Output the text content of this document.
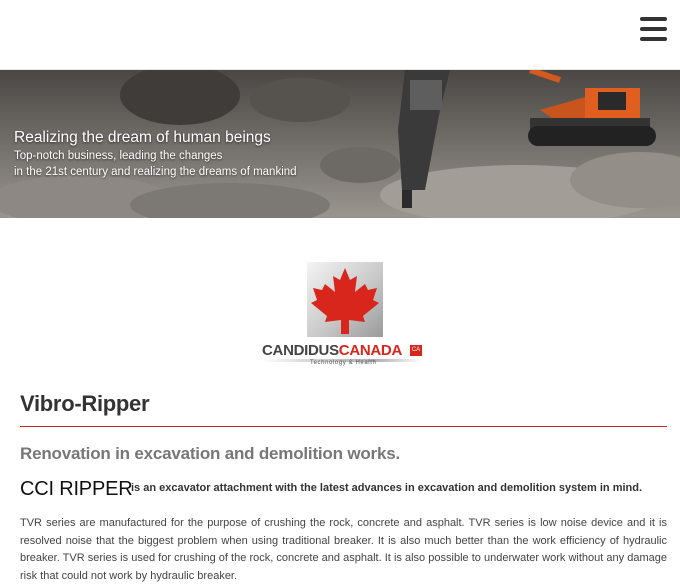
Realizing the dream of human beings
Top-notch business, leading the changes
in the 21st century and realizing the dreams of mankind
CANDIDUSCANADA	CA
Technology & Health
Vibro-Ripper
Renovation in excavation and demolition works.
CCI RIPPER
is an excavator attachment with the latest advances in excavation and demolition system in mind.
TVR series are manufactured for the purpose of crushing the rock, concrete and asphalt. TVR series is low noise device and it is resolved noise that the biggest problem when using traditional breaker. It is also much better than the work efficiency of hydraulic breaker. TVR series is used for crushing of the rock, concrete and asphalt. It is also possible to underwater work without any damage risk that could not work by hydraulic breaker.
